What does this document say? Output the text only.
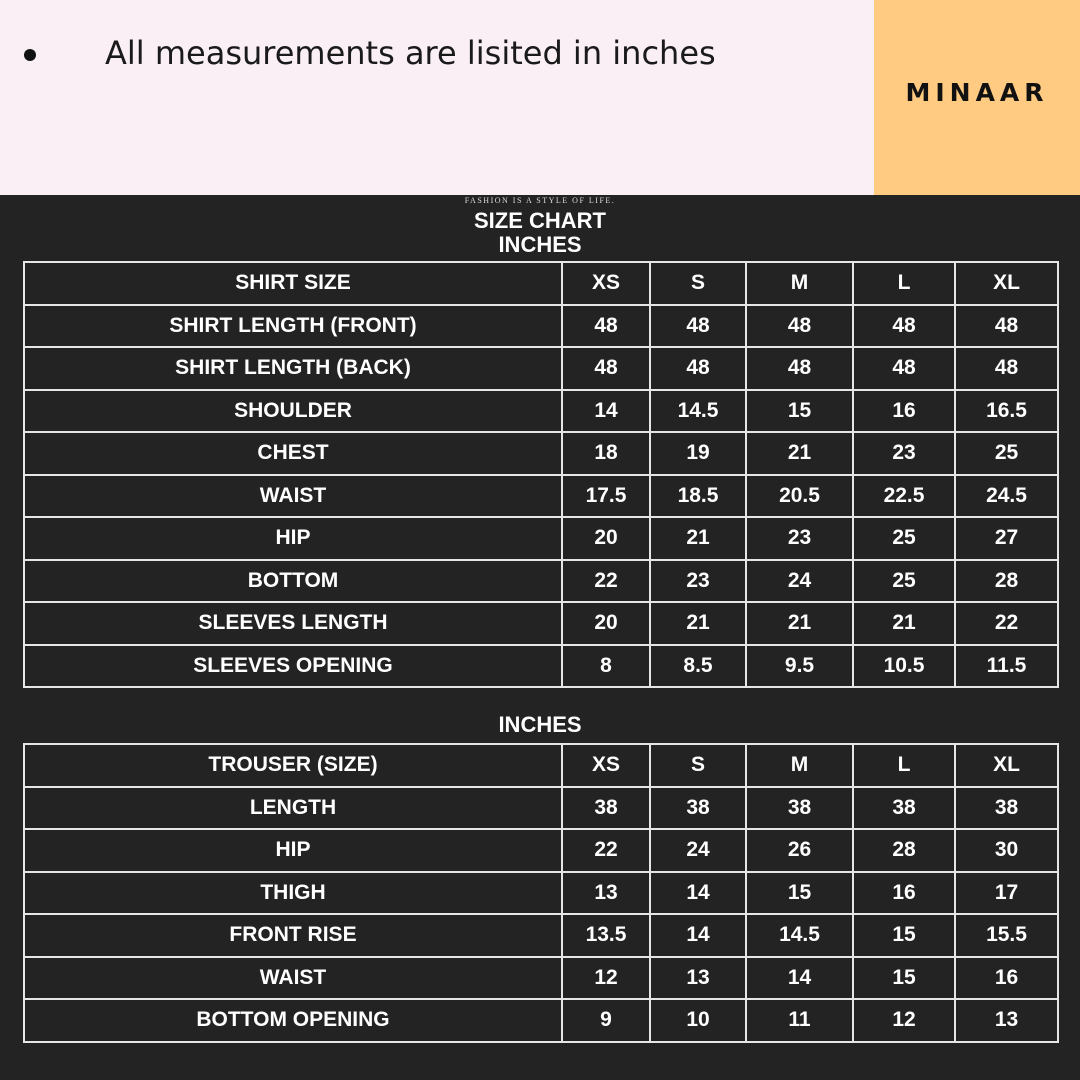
All measurements are lisited in inches
MINAAR
FASHION IS A STYLE OF LIFE.
SIZE CHART
INCHES
SHIRT SIZE	XS	S	M	L	XL
SHIRT LENGTH (FRONT)	48	48	48	48	48
SHIRT LENGTH (BACK)	48	48	48	48	48
SHOULDER	14	14.5	15	16	16.5
CHEST	18	19	21	23	25
WAIST	17.5	18.5	20.5	22.5	24.5
HIP	20	21	23	25	27
BOTTOM	22	23	24	25	28
SLEEVES LENGTH	20	21	21	21	22
SLEEVES OPENING	8	8.5	9.5	10.5	11.5
INCHES
TROUSER (SIZE)	XS	S	M	L	XL
LENGTH	38	38	38	38	38
HIP	22	24	26	28	30
THIGH	13	14	15	16	17
FRONT RISE	13.5	14	14.5	15	15.5
WAIST	12	13	14	15	16
BOTTOM OPENING	9	10	11	12	13
